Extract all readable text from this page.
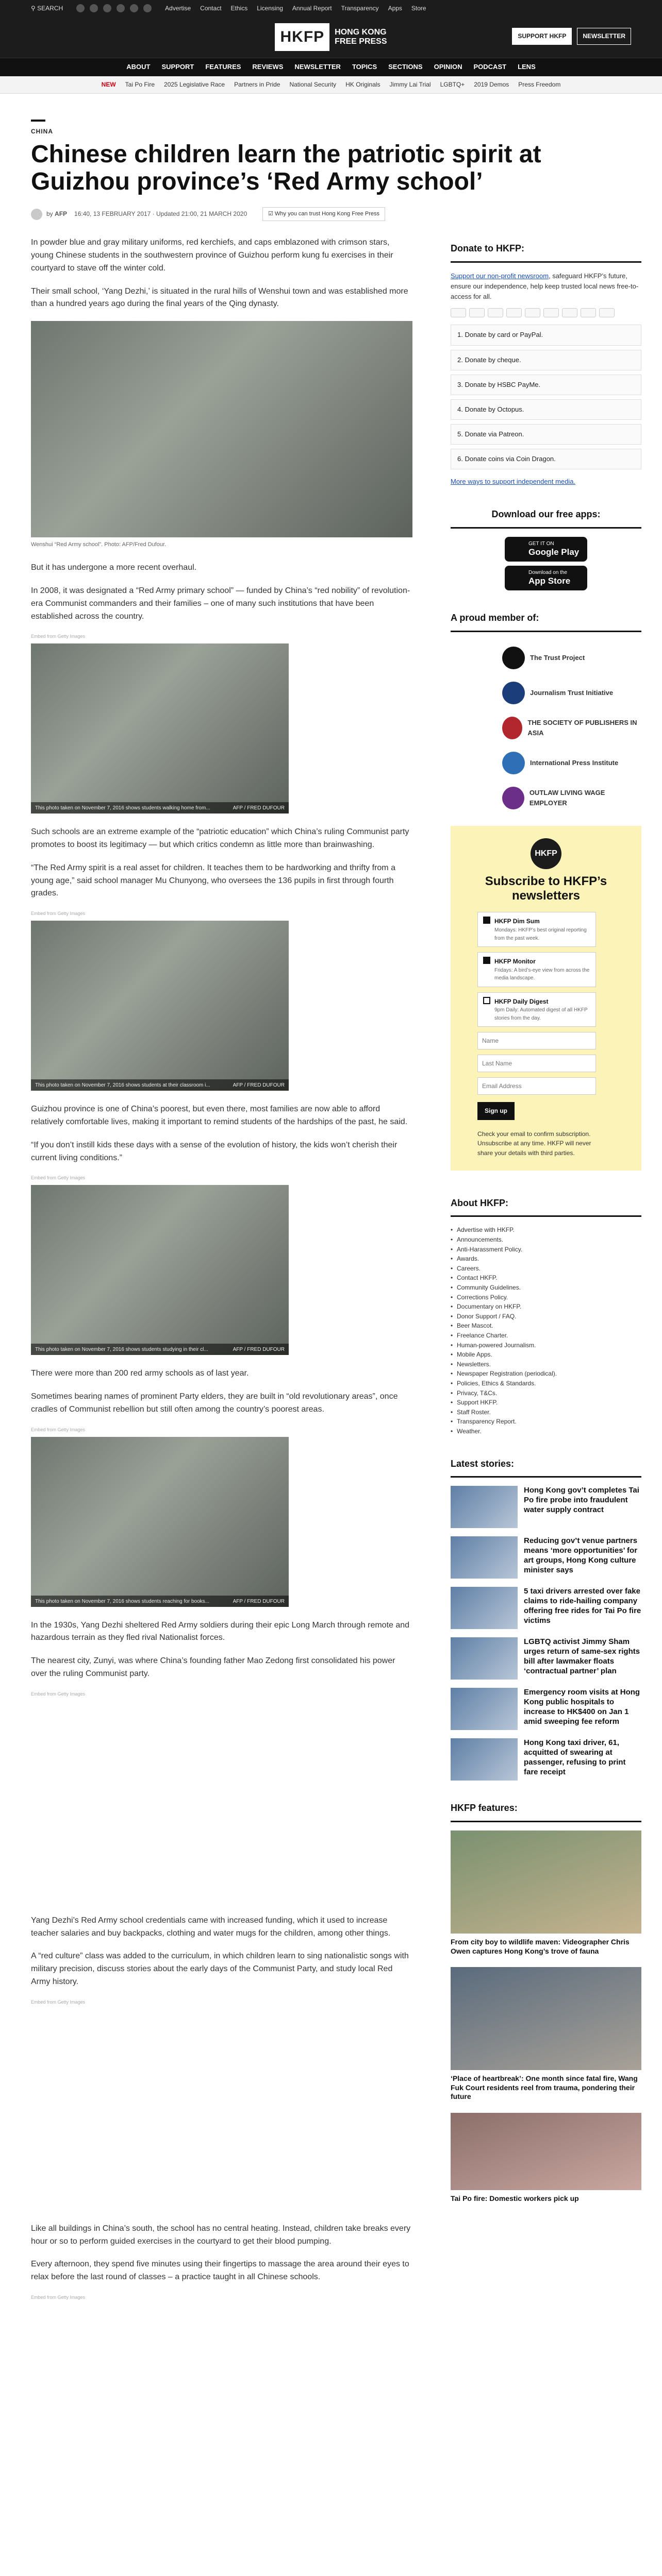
⚲ SEARCH	Advertise Contact Ethics Licensing Annual Report Transparency Apps Store
HKFP	HONG KONG
FREE PRESS
SUPPORT HKFP	NEWSLETTER
ABOUT SUPPORT FEATURES REVIEWS NEWSLETTER TOPICS SECTIONS OPINION PODCAST LENS
NEW Tai Po Fire 2025 Legislative Race Partners in Pride National Security HK Originals Jimmy Lai Trial LGBTQ+ 2019 Demos Press Freedom
CHINA
Chinese children learn the patriotic spirit at Guizhou province’s ‘Red Army school’
by
AFP 16:40, 13 FEBRUARY 2017 · Updated 21:00, 21 MARCH 2020	☑ Why you can trust Hong Kong Free Press

In powder blue and gray military uniforms, red kerchiefs, and caps emblazoned with crimson stars, young Chinese students in the southwestern province of Guizhou perform kung fu exercises in their courtyard to stave off the winter cold.

Their small school, ‘Yang Dezhi,’ is situated in the rural hills of Wenshui town and was established more than a hundred years ago during the final years of the Qing dynasty.

Wenshui “Red Army school”. Photo: AFP/Fred Dufour.

But it has undergone a more recent overhaul.

In 2008, it was designated a “Red Army primary school” — funded by China’s “red nobility” of revolution-era Communist commanders and their families – one of many such institutions that have been established across the country.

Embed from Getty Images
This photo taken on November 7, 2016 shows students walking home from...	AFP / FRED DUFOUR

Such schools are an extreme example of the “patriotic education” which China’s ruling Communist party promotes to boost its legitimacy — but which critics condemn as little more than brainwashing.

“The Red Army spirit is a real asset for children. It teaches them to be hardworking and thrifty from a young age,” said school manager Mu Chunyong, who oversees the 136 pupils in first through fourth grades.

Embed from Getty Images
This photo taken on November 7, 2016 shows students at their classroom i...	AFP / FRED DUFOUR

Guizhou province is one of China’s poorest, but even there, most families are now able to afford relatively comfortable lives, making it important to remind students of the hardships of the past, he said.

“If you don’t instill kids these days with a sense of the evolution of history, the kids won’t cherish their current living conditions.”

Embed from Getty Images
This photo taken on November 7, 2016 shows students studying in their cl...	AFP / FRED DUFOUR

There were more than 200 red army schools as of last year.

Sometimes bearing names of prominent Party elders, they are built in “old revolutionary areas”, once cradles of Communist rebellion but still often among the country’s poorest areas.

Embed from Getty Images
This photo taken on November 7, 2016 shows students reaching for books...	AFP / FRED DUFOUR

In the 1930s, Yang Dezhi sheltered Red Army soldiers during their epic Long March through remote and hazardous terrain as they fled rival Nationalist forces.

The nearest city, Zunyi, was where China’s founding father Mao Zedong first consolidated his power over the ruling Communist party.

Embed from Getty Images

Yang Dezhi’s Red Army school credentials came with increased funding, which it used to increase teacher salaries and buy backpacks, clothing and water mugs for the children, among other things.

A “red culture” class was added to the curriculum, in which children learn to sing nationalistic songs with military precision, discuss stories about the early days of the Communist Party, and study local Red Army history.

Embed from Getty Images

Like all buildings in China’s south, the school has no central heating. Instead, children take breaks every hour or so to perform guided exercises in the courtyard to get their blood pumping.

Every afternoon, they spend five minutes using their fingertips to massage the area around their eyes to relax before the last round of classes – a practice taught in all Chinese schools.

Embed from Getty Images
Donate to HKFP:

Support our non-profit newsroom, safeguard HKFP’s future, ensure our independence, help keep trusted local news free-to-access for all.

1. Donate by card or PayPal.
2. Donate by cheque.
3. Donate by HSBC PayMe.
4. Donate by Octopus.
5. Donate via Patreon.
6. Donate coins via Coin Dragon.

More ways to support independent media.

Download our free apps:
GET IT ON
Google Play
Download on the
App Store
A proud member of:
The Trust Project
Journalism Trust Initiative
THE SOCIETY OF PUBLISHERS IN ASIA
International Press Institute
OUTLAW LIVING WAGE EMPLOYER
HKFP
Subscribe to HKFP’s newsletters
HKFP Dim Sum
Mondays: HKFP’s best original reporting from the past week.
HKFP Monitor
Fridays: A bird’s-eye view from across the media landscape.
HKFP Daily Digest
9pm Daily: Automated digest of all HKFP stories from the day.
Name
Last Name
Email Address Sign up
Check your email to confirm subscription. Unsubscribe at any time. HKFP will never share your details with third parties.
About HKFP:
• Advertise with HKFP.
• Announcements.
• Anti-Harassment Policy.
• Awards.
• Careers.
• Contact HKFP.
• Community Guidelines.
• Corrections Policy.
• Documentary on HKFP.
• Donor Support / FAQ.
• Beer Mascot.
• Freelance Charter.
• Human-powered Journalism.
• Mobile Apps.
• Newsletters.
• Newspaper Registration (periodical).
• Policies, Ethics & Standards.
• Privacy, T&Cs.
• Support HKFP.
• Staff Roster.
• Transparency Report.
• Weather.
Latest stories:
Hong Kong gov’t completes Tai Po fire probe into fraudulent water supply contract
Reducing gov’t venue partners means ‘more opportunities’ for art groups, Hong Kong culture minister says
5 taxi drivers arrested over fake claims to ride-hailing company offering free rides for Tai Po fire victims
LGBTQ activist Jimmy Sham urges return of same-sex rights bill after lawmaker floats ‘contractual partner’ plan
Emergency room visits at Hong Kong public hospitals to increase to HK$400 on Jan 1 amid sweeping fee reform
Hong Kong taxi driver, 61, acquitted of swearing at passenger, refusing to print fare receipt
HKFP features:
From city boy to wildlife maven: Videographer Chris Owen captures Hong Kong’s trove of fauna
‘Place of heartbreak’: One month since fatal fire, Wang Fuk Court residents reel from trauma, pondering their future
Tai Po fire: Domestic workers pick up
